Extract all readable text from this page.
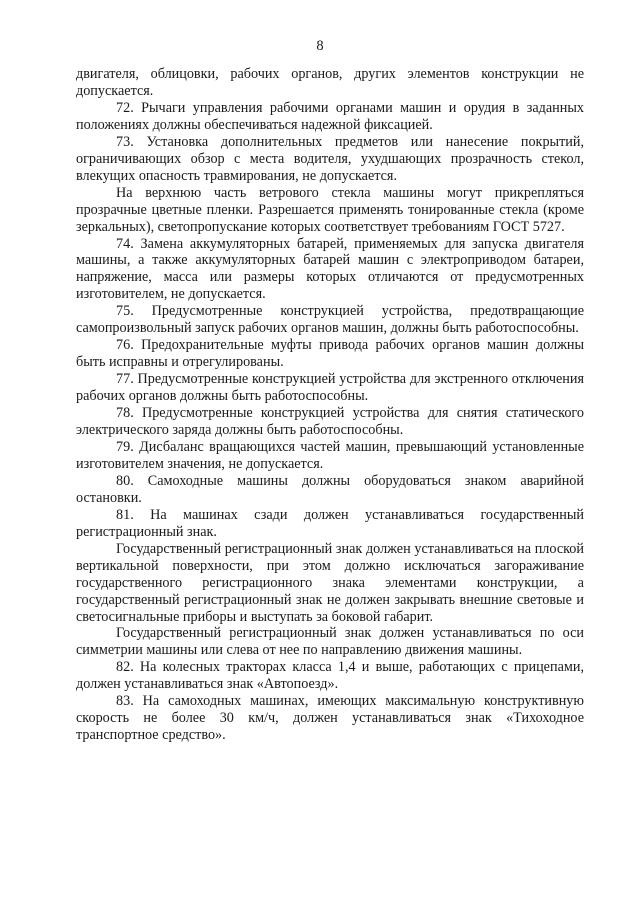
8

двигателя, облицовки, рабочих органов, других элементов конструкции не допускается.

72. Рычаги управления рабочими органами машин и орудия в заданных положениях должны обеспечиваться надежной фиксацией.

73. Установка дополнительных предметов или нанесение покрытий, ограничивающих обзор с места водителя, ухудшающих прозрачность стекол, влекущих опасность травмирования, не допускается.

На верхнюю часть ветрового стекла машины могут прикрепляться прозрачные цветные пленки. Разрешается применять тонированные стекла (кроме зеркальных), светопропускание которых соответствует требованиям ГОСТ 5727.

74. Замена аккумуляторных батарей, применяемых для запуска двигателя машины, а также аккумуляторных батарей машин с электроприводом батареи, напряжение, масса или размеры которых отличаются от предусмотренных изготовителем, не допускается.

75. Предусмотренные конструкцией устройства, предотвращающие самопроизвольный запуск рабочих органов машин, должны быть работоспособны.

76. Предохранительные муфты привода рабочих органов машин должны быть исправны и отрегулированы.

77. Предусмотренные конструкцией устройства для экстренного отключения рабочих органов должны быть работоспособны.

78. Предусмотренные конструкцией устройства для снятия статического электрического заряда должны быть работоспособны.

79. Дисбаланс вращающихся частей машин, превышающий установленные изготовителем значения, не допускается.

80. Самоходные машины должны оборудоваться знаком аварийной остановки.

81. На машинах сзади должен устанавливаться государственный регистрационный знак.

Государственный регистрационный знак должен устанавливаться на плоской вертикальной поверхности, при этом должно исключаться загораживание государственного регистрационного знака элементами конструкции, а государственный регистрационный знак не должен закрывать внешние световые и светосигнальные приборы и выступать за боковой габарит.

Государственный регистрационный знак должен устанавливаться по оси симметрии машины или слева от нее по направлению движения машины.

82. На колесных тракторах класса 1,4 и выше, работающих с прицепами, должен устанавливаться знак «Автопоезд».

83. На самоходных машинах, имеющих максимальную конструктивную скорость не более 30 км/ч, должен устанавливаться знак «Тихоходное транспортное средство».
